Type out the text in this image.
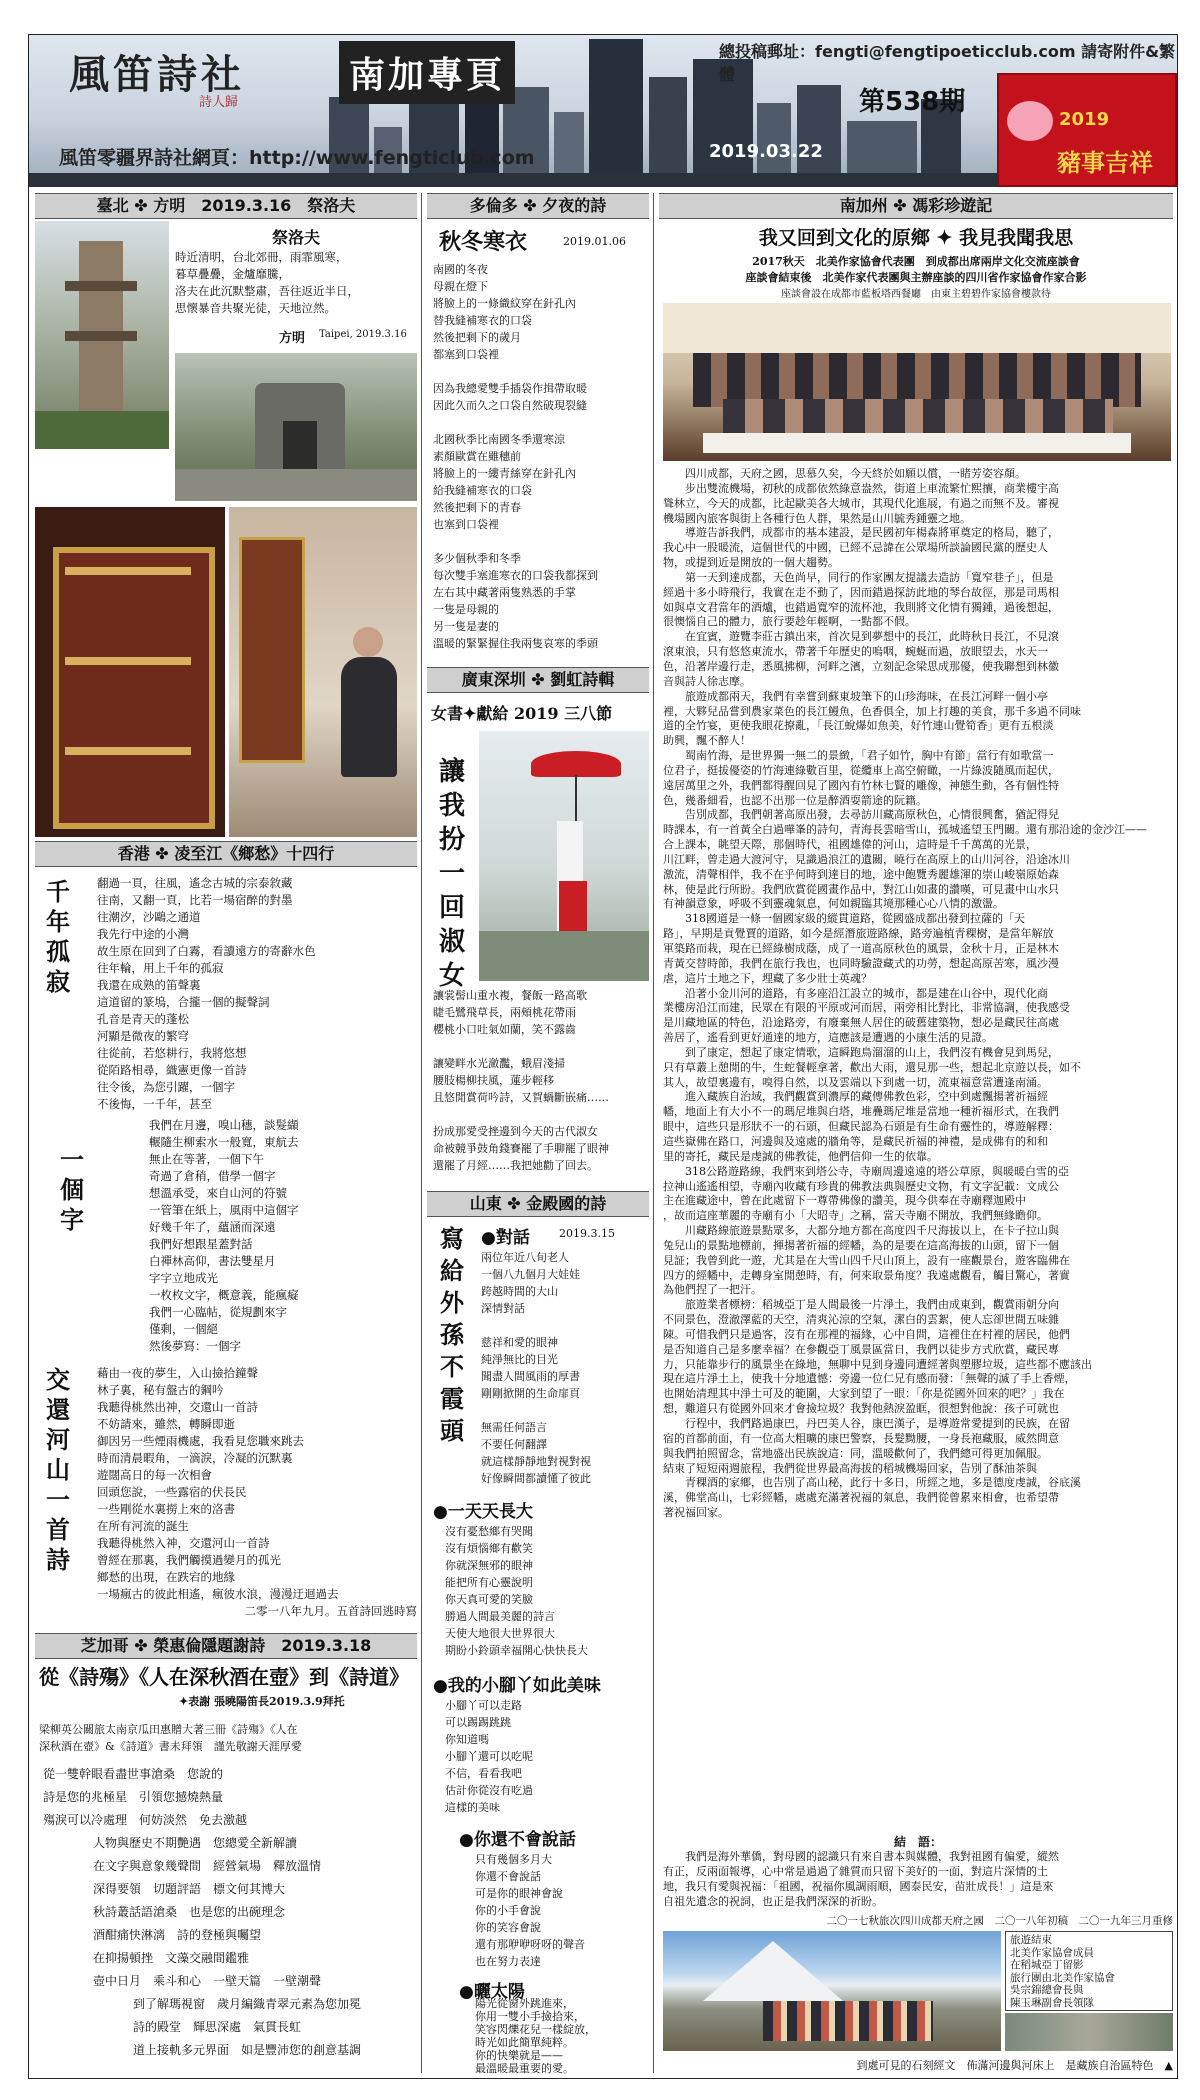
風笛詩社
詩人歸
南加專頁
風笛零疆界詩社網頁：http://www.fengticlub.com
總投稿郵址：fengti@fengtipoeticclub.com 請寄附件&繁體
2019.03.22
第538期
2019
豬事吉祥
臺北 ✤ 方明　2019.3.16　祭洛夫
祭洛夫

時近清明，台北郊冊，雨霏風寒，

暮草疊疊，金爐靡騰，

洛夫在此沉默整肅，吾往返近半日，

思懷暴音共聚光徒，天地泣然。

方明 Taipei, 2019.3.16
香港 ✤ 凌至江《鄉愁》十四行
千年孤寂

翻過一頁，往風，遙念古城的宗泰敘藏

往南，又翻一頁，比若一場宿醉的對墨

往潮汐，沙鷗之通道

我先行中途的小灣

故生原在回到了白霧，看讀遠方的寄辭水色

往年輪，用上千年的孤寂

我還在成熟的笛聲裏

這道留的篆塢，合攏一個的擬聲詞

孔音是青天的蓬松

河顯是微夜的繁穹

往從前，若悠耕行，我將悠想

從陌路相尋，織憲更像一首詩

往令後，為您引躍，一個字

不後悔，一千年，甚至

一個字

我們在月邊，嗅山穗，談髮纈

輾隨生柳索水一般寬，東航去

無止在等著，一個下午

奇過了倉稍，借學一個字

想溫承受，來自山河的符號

一管筆在紙上，風雨中這個字

好幾千年了，蘊涵而深遠

我們好想跟星蓋對話

白禪林高仰，書法雙星月

字字立地成光

一枚枚文字，概意義，能瘋癡

我們一心臨帖，從規劃來字

僅剩，一個絕

然後夢寫：一個字

交還河山一首詩

藉由一夜的夢生，入山撿拾鐘聲

林子裏，秘有盤古的鋼吟

我聽得桃然出神，交還山一首詩

不妨請來，雖然，轉瞬即逝

御因另一些煙雨機處，我看見您職來跳去

時而清晨暇角，一滴淚，冷凝的沉默裏

遊闊高日的每一次相會

回頭您說，一些露宿的伏長民

一些剛從水裏撈上來的洛書

在所有河流的誕生

我聽得桃然入神，交還河山一首詩

曾經在那裏，我們觸摸過變月的孤光

鄉愁的出現，在跌宕的地緣

一場瘋古的彼此相遙，瘋彼水浪，漫漫迂迴過去

二零一八年九月。五首詩回逃時寫

芝加哥 ✤ 榮惠倫隱題謝詩　2019.3.18
從《詩殤》《人在深秋酒在壺》到《詩道》
✦表謝 張曉陽笛長2019.3.9拜托

梁柳英公關旅太南京瓜田惠贈大著三冊《詩殤》《人在

深秋酒在壺》&《詩道》書未拜領　謹先敬謝天涯厚愛

從一雙幹眼看盡世事滄桑　您說的

詩是您的兆極星　引領您撼燒熱量

殤淚可以冷處理　何妨淡然　免去激越

人物與歷史不期艷遇　您總愛全新解讀

在文字與意象幾聲間　經營氣場　釋放溫情

深得要領　切題評語　標文何其博大

秋詩叢話語滄桑　也是您的出碗理念

酒酣痛快淋漓　詩的登極與囑望

在抑揚頓挫　文藻交融間鑑雅

壺中日月　乘斗和心　一壁天篇　一壁潮聲

到了解瑪視窗　歲月編織青翠元素為您加冕

詩的殿堂　輝思深處　氣貫長虹

道上接軌多元界面　如是豐沛您的創意基調

多倫多 ✤ 夕夜的詩
秋冬寒衣	2019.01.06

南國的冬夜

母親在燈下

將臉上的一條織紋穿在針孔內

替我縫補寒衣的口袋

然後把剩下的歲月

都塞到口袋裡

因為我總愛雙手插袋作揖帶取暖

因此久而久之口袋自然破現裂縫

北國秋季比南國冬季還寒涼

素顏歐賞在雖穗前

將臉上的一縷青絲穿在針孔內

給我縫補寒衣的口袋

然後把剩下的青春

也塞到口袋裡

多少個秋季和冬季

每次雙手塞進寒衣的口袋我都探到

左右其中藏著兩隻熟悉的手掌

一隻是母親的

另一隻是妻的

溫暖的緊緊握住我兩隻哀寒的季頭

廣東深圳 ✤ 劉虹詩輯
女書✦獻給 2019 三八節
讓我扮一回淑女

讓裳髻山重水複，餐飯一路高歌

睫毛鷺飛草長，兩頰桃花帶雨

櫻桃小口吐氣如蘭，笑不露齒

讓變畔水光瀲灩，蛾眉淺掃

腰肢楊柳扶風，蓮步輕移

且悠閒賞荷吟詩，又賀蝸斷嵌痛……

扮成那愛受挫邊到今天的古代淑女

命被競爭鼓角錢賽罷了手聊罷了眼神

還罷了月經……我把她勸了回去。

山東 ✤ 金殿國的詩
寫給外孫不霞頭
●對話	2019.3.15

兩位年近八旬老人

一個八九個月大娃娃

跨越時間的大山

深情對話

慈祥和愛的眼神

純淨無比的目光

聞盡人間風雨的厚書

剛剛掀開的生命扉頁

無需任何語言

不要任何翻譯

就這樣靜靜地對視對視

好像瞬間都讀懂了彼此

●一天天長大

沒有憂愁鄉有哭聞

沒有煩惱鄉有歡笑

你就深無邪的眼神

能把所有心靈說明

你天真可愛的笑臉

勝過人間最美麗的詩言

天使大地很大世界很大

期盼小鈴頭幸福開心快快長大

●我的小腳丫如此美味

小腳丫可以走路

可以踢踢跳跳

你知道嗎

小腳丫還可以吃呢

不信，看看我吧

估計你從沒有吃過

這樣的美味

●你還不會說話

只有幾個多月大

你還不會說話

可是你的眼神會說

你的小手會說

你的笑容會說

還有那咿咿呀呀的聲音

也在努力表達

●曬太陽

陽光從窗外跳進來，

你用一雙小手撿拾來，

笑容閃爍花兒一樣綻放，

時光如此簡單純粹。

你的快樂就是——

最溫暖最重要的愛。

南加州 ✤ 馮彩珍遊記
我又回到文化的原鄉 ✦ 我見我聞我思
2017秋天　北美作家協會代表團　到成都出席兩岸文化交流座談會
座談會結束後　北美作家代表團與主辦座談的四川省作家協會作家合影
座談會設在成都市藍板塔西餐廳　由東主碧碧作家協會樓款待

四川成都，天府之國，思慕久矣，今天終於如願以償，一睹芳姿容顏。

步出雙流機場，初秋的成都依然綠意盎然，街道上車流繁忙熙攘，商業樓宇高

聳林立，今天的成都，比起歐美各大城市，其現代化進展，有過之而無不及。審視

機場國內旅客與街上各種行色人群，果然是山川毓秀鍾靈之地。

導遊告訴我們，成都市的基本建設，是民國初年楊森將軍奠定的格局，聽了，

我心中一股暖流，這個世代的中國，已經不忌諱在公眾場所談論國民黨的歷史人

物，或提到近是開放的一個大趨勢。

第一天到達成都，天色尚早，同行的作家團友提議去造訪「寬窄巷子」，但是

經過十多小時飛行，我實在走不動了，因而錯過探訪此地的琴台故徑，那是司馬相

如與卓文君當年的酒爐，也錯過寬窄的流杯池，我則將文化情有獨鍾，過後想起，

很懊惱自己的體力，旅行要趁年輕啊，一點都不假。

在宜賓，遊覽李莊古鎮出來，首次見到夢想中的長江，此時秋日長江，不見滾

滾東浪，只有悠悠東流水，帶著千年歷史的嗚咽，蜿蜒而過，放眼望去，水天一

色，沿著岸邊行走，悉風拂柳，河畔之濱，立刻記念梁思成那優，使我聯想到林徽

音與詩人徐志摩。

旅遊成都兩天，我們有幸嘗到蘇東坡筆下的山珍海味，在長江河畔一個小亭

裡，大夥兒品嘗到農家菜色的長江鰻魚，色香俱全，加上打趣的美食，那千多過不同味

道的全竹宴，更使我眼花撩亂，「長江蛻爆如魚美，好竹連山覺筍香」更有五根淡

助興，飄不醉人！

蜀南竹海，是世界獨一無二的景緻，「君子如竹，胸中有節」當行有如歌當一

位君子，挺拔優姿的竹海連綠數百里，從纜車上高空俯瞰，一片綠波隨風而起伏，

遠居萬里之外，我們都得醒回見了國內有竹林七賢的雕像，神態生動，各有個性特

色，幾番細看，也認不出那一位是醉酒耍箭途的阮籍。

告別成都，我們朝著高原出發，去尋訪川藏高原秋色，心情很興奮，猶記得兒

時課本，有一首黃全白過嘩峯的詩句，青海長雲暗雪山，孤城遙望玉門關。還有那沿途的金沙江——

合上課本，眺望天際，那個時代，祖國雄偉的河山，這時是千千萬萬的光景，

川江畔，曾走過大渡河守，見識過浪江的遺關，曉行在高原上的山川河谷，沿途冰川

激流，清聲相伴，我不在乎何時到達目的地，途中飽覽秀麗雄渾的崇山峻嶺原始森

林，使是此行所盼。我們欣賞從國畫作品中，對江山如畫的讚嘆，可見畫中山水只

有神韻意象，呼吸不到靈魂氣息，何如親臨其境那種心心八情的激盪。

318國道是一條一個國家級的縱貫道路，從國盛成都出發到拉薩的「天

路」，早期是貢覺賈的道路，如今是經潛旅遊路線，路旁遍植青稞樹，是當年解放

軍築路而栽，現在已經綠樹成蔭，成了一道高原秋色的風景，金秋十月，正是林木

青黃交替時節，我們在旅行我也，也同時驗證藏式的功勞，想起高原苦寒，風沙漫

虐，這片土地之下，埋藏了多少壯士英魂？

沿著小金川河的道路，有多座沿江設立的城市，都是建在山谷中，現代化商

業樓房沿江而建，民眾在有限的平原或河而居，兩旁相比對比，非常協調，使我感受

是川藏地區的特色，沿途路旁，有廢棄無人居住的破舊建築物，想必是藏民往高處

善居了，遙看到更好通達的地方，這應該是遭遇的小康生活的見證。

到了康定，想起了康定情歌，這瞬跑鳥溜溜的山上，我們沒有機會見到馬兒，

只有草叢上憩閒的牛，生蛇餐輕拿著，歡出大雨，還見那一些，想起北京遊以長，如不

其人，故望裏邊有，嗅得自然，以及雲端以下到處一切，流東福意當遭逢南涌。

進入藏族自治域，我們觀賞到濃厚的藏傳佛教色彩，空中到處飄揚著祈福經

幡，地面上有大小不一的瑪尼堆與白塔，堆疊瑪尼堆是當地一種祈福形式，在我們

眼中，這些只是形狀不一的石頭，但藏民認為石頭是有生命有靈性的，導遊解釋：

這些嶽佛在路口，河邊與及遠處的牆角等，是藏民祈福的神禮，是成佛有的和和

里的寄托，藏民是虔誠的佛教徒，他們信仰一生的依靠。

318公路遊路線，我們來到塔公寺，寺廟周邊遠遠的塔公草原，與暖暖白雪的亞

拉神山遙遙相望，寺廟內收藏有珍貴的佛教法典與歷史文物，有文字記載：文成公

主在進藏途中，曾在此處留下一尊帶佛像的讚美，現今供奉在寺廟釋迦殿中

，故而這座華麗的寺廟有小「大昭寺」之稱，當天寺廟不開放，我們無緣瞻仰。

川藏路線旅遊景點眾多，大都分地方都在高度四千尺海拔以上，在卡子拉山與

兔兒山的景點地標前，揮揚著祈福的經幡，為的是要在這高海拔的山頭，留下一個

見証；我曾到此一遊，尤其是在大雪山四千尺山頂上，設有一座觀景台，遊客臨佛在

四方的經幡中，走轉身室閒憩時，有，何來取景角度？我遠處觀看，觸目驚心，著實

為他們捏了一把汗。

旅遊業者標榜：稻城亞丁是人間最後一片淨土，我們由成東到，觀賞雨朝分向

不同景色，澄澈澤藍的天空，清爽沁涼的空氣，潔白的雲絮，使人忘卻世間五味雜

陳。可惜我們只是過客，沒有在那裡的福緣，心中自問，這裡住在村裡的居民，他們

是否知道自己是多麼幸福？在參觀亞丁風景區當日，我們以徒步方式欣賞，藏民專

力，只能靠步行的風景坐在綠地，無聊中見到身邊同遭經著與塑膠垃圾，這些都不應該出

現在這片淨土上，使我十分地遺憾：旁邊一位仁兄有感而發：「無聲的滅了手上香煙，

也開始清理其中淨土可及的範圍，大家到望了一眼：「你是從國外回來的吧？」我在

想，難道只有從國外回來才會撿垃圾？我對他熱淚盈眶，很想對他說：孩子可就也

行程中，我們路過康巴，丹巴美人谷，康巴漢子，是導遊常愛提到的民族，在留

宿的首都前面，有一位高大粗曠的康巴警察，長髮黝腰，一身長袍藏服，威然問意

與我們拍照留念，當地盛出民族說這：同，溫暖歡何了，我們總可得更加佩服。

結束了短短兩週旅程，我們從世界最高海拔的稻城機場回家，告別了酥油茶與

青稞酒的家鄉，也告別了高山秘，此行十多日，所經之地，多是德度虔誠，谷底溪

溪，佛堂高山，七彩經幡，處處充滿著祝福的氣息，我們從曾累來相會，也希望帶

著祝福回家。

結　語：

我們是海外華僑，對母國的認識只有來自書本與媒體，我對祖國有偏愛，縱然

有正，反兩面報導，心中常是過過了雜質而只留下美好的一面，對這片深情的土

地，我只有愛與祝福：「祖國，祝福你風調雨順，國泰民安，苗壯成長！」這是來

自祖先遺念的祝詞，也正是我們深深的祈盼。

二〇一七秋旅次四川成都天府之國　二〇一八年初稿　二〇一九年三月重修
旅遊結束
北美作家協會成員
在稻城亞丁留影
旅行團由北美作家協會
吳宗錦總會長與
陳玉琳副會長領隊
到處可見的石刻經文　佈滿河邊與河床上　是藏族自治區特色　▲
